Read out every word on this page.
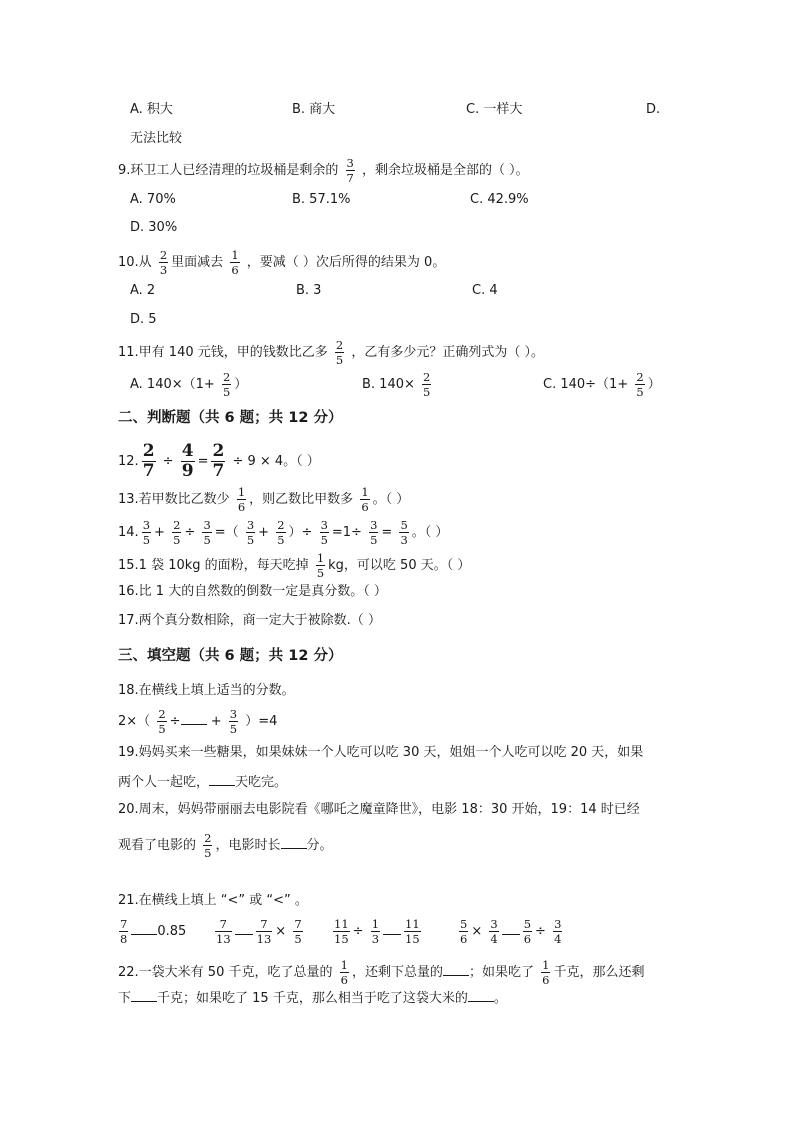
A. 积大	B. 商大	C. 一样大	D.
无法比较
9.环卫工人已经清理的垃圾桶是剩余的 $\frac{3}{7}$ ，剩余垃圾桶是全部的（ ）。
A. 70%	B. 57.1%	C. 42.9%
D. 30%
10.从 $\frac{2}{3}$ 里面减去 $\frac{1}{6}$ ，要减（ ）次后所得的结果为 0。
A. 2	B. 3	C. 4
D. 5
11.甲有 140 元钱，甲的钱数比乙多 $\frac{2}{5}$ ，乙有多少元？正确列式为（ ）。
A. $140\times(1+ \frac{2}{5}$ ）	B. $140\times \frac{2}{5}$	C. $140\div(1+ \frac{2}{5}$ ）
二、判断题（共 6 题；共 12 分）
12. $\frac{2}{7} \div \frac{4}{9} = \frac{2}{7} \div 9 \times 4$。（ ）
13.若甲数比乙数少 $\frac{1}{6}$ ，则乙数比甲数多 $\frac{1}{6}$ 。（ ）
14. $\frac{3}{5} + \frac{2}{5} \div \frac{3}{5}$ =（ $\frac{3}{5} + \frac{2}{5}$ ）÷ $\frac{3}{5} =1\div \frac{3}{5} = \frac{5}{3}$ 。（ ）
15.1 袋 10kg 的面粉，每天吃掉 $\frac{1}{5}$ kg，可以吃 50 天。（ ）
16.比 1 大的自然数的倒数一定是真分数。（ ）
17.两个真分数相除，商一定大于被除数.（ ）
三、填空题（共 6 题；共 12 分）
18.在横线上填上适当的分数。
$2\times( \frac{2}{5}$ ÷ + $\frac{3}{5} )=4$
19.妈妈买来一些糖果，如果妹妹一个人吃可以吃 30 天，姐姐一个人吃可以吃 20 天，如果
两个人一起吃， 天吃完。
20.周末，妈妈带丽丽去电影院看《哪吒之魔童降世》，电影 18：30 开始，19：14 时已经
观看了电影的 $\frac{2}{5}$ ，电影时长 分。
21.在横线上填上 “<” 或 “<” 。
$\frac{7}{8} 0.85 \frac{7}{13} \frac{7}{13} \times \frac{7}{5}$	$\frac{11}{15} \div \frac{1}{3} \frac{11}{15}$	$\frac{5}{6} \times \frac{3}{4} \frac{5}{6} \div \frac{3}{4}$
22.一袋大米有 50 千克，吃了总量的 $\frac{1}{6}$ ，还剩下总量的 ；如果吃了 $\frac{1}{6}$ 千克，那么还剩
下 千克；如果吃了 15 千克，那么相当于吃了这袋大米的 。
